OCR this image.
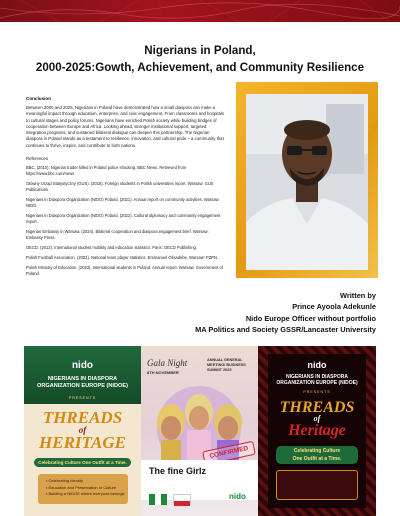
Nigerians in Poland,
2000-2025:Gowth, Achievement, and Community Resilience
Conclusion
Between 2000 and 2025, Nigerians in Poland have demonstrated how a small diaspora can make a meaningful impact through education, enterprise, and civic engagement. From classrooms and hospitals to cultural stages and policy forums, Nigerians have enriched Polish society while building bridges of cooperation between Europe and Africa. Looking ahead, stronger institutional support, targeted integration programs, and sustained bilateral dialogue can deepen this partnership. The Nigerian diaspora in Poland stands as a testament to resilience, innovation, and cultural pride – a community that continues to thrive, inspire, and contribute to both nations.
References
BBC. (2010). Nigerian trader killed in Poland police shooting. BBC News. Retrieved from https://www.bbc.com/news
Główny Urząd Statystyczny (GUS). (2018). Foreign students in Polish universities report. Warsaw: GUS Publications.
Nigerians in Diaspora Organization (NIDO) Poland. (2021). Annual report on community activities. Warsaw: NIDO.
Nigerians in Diaspora Organization (NIDO) Poland. (2022). Cultural diplomacy and community engagement report.
Nigerian Embassy in Warsaw. (2024). Bilateral cooperation and diaspora engagement brief. Warsaw: Embassy Press.
OECD. (2012). International student mobility and education statistics. Paris: OECD Publishing.
Polish Football Association. (2002). National team player statistics: Emmanuel Olisadebe. Warsaw: PZPN.
Polish Ministry of Education. (2023). International students in Poland: Annual report. Warsaw: Government of Poland.
Written by
Prince Ayoola Adekunle
Nido Europe Officer without portfolio
MA Politics and Society GSSR/Lancaster University
nido
NIGERIANS IN DIASPORA
ORGANIZATION EUROPE (NIDOE)
PRESENTS
THREADS
of
HERITAGE
Celebrating Culture One Outfit at a Time.
• Celebrating Identity
• Education and Preservation of Culture
• Building a NIDOE where everyone belongs
Gala Night
8TH NOVEMBER
ANNUAL GENERAL
MEETING/ BUSINESS
SUMMIT 2025
CONFIRMED
The fine Girlz
nido
nido
NIGERIANS IN DIASPORA
ORGANIZATION EUROPE (NIDOE)
PRESENTS
THREADS
of
Heritage
Celebrating Culture
One Outfit at a Time.
